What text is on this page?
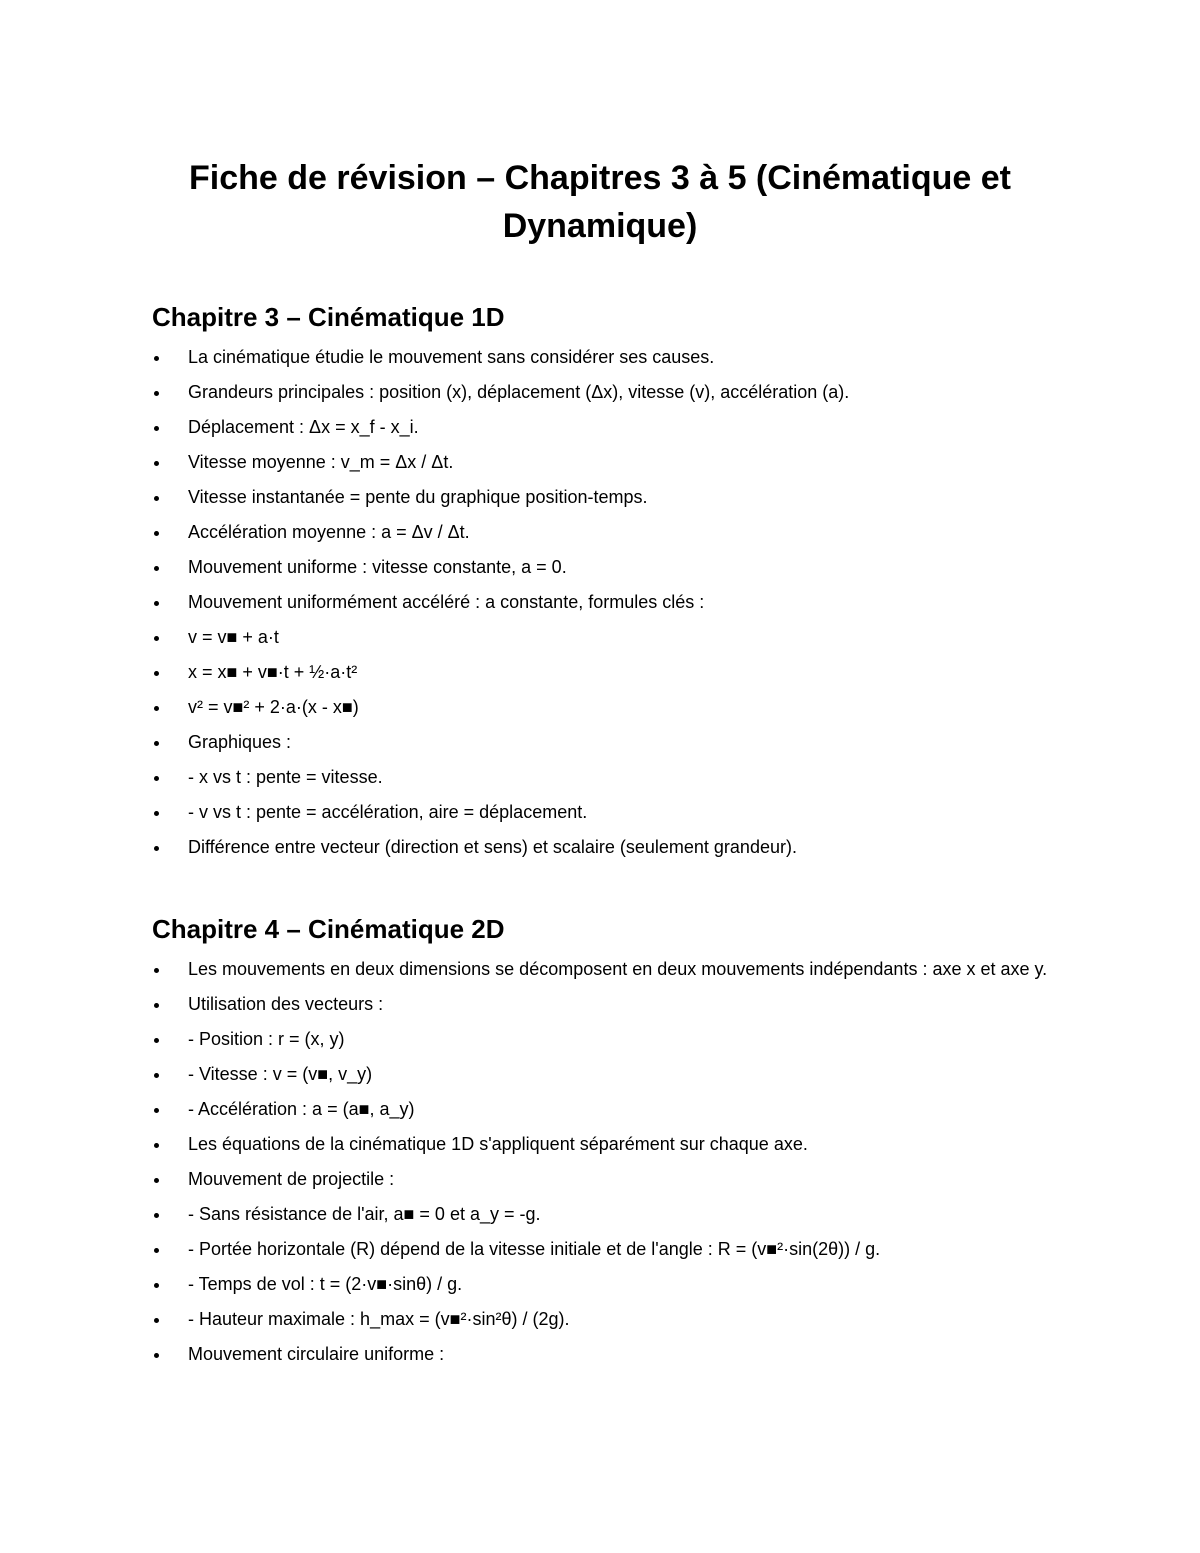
Fiche de révision – Chapitres 3 à 5 (Cinématique et Dynamique)
Chapitre 3 – Cinématique 1D
La cinématique étudie le mouvement sans considérer ses causes.
Grandeurs principales : position (x), déplacement (Δx), vitesse (v), accélération (a).
Déplacement : Δx = x_f - x_i.
Vitesse moyenne : v_m = Δx / Δt.
Vitesse instantanée = pente du graphique position-temps.
Accélération moyenne : a = Δv / Δt.
Mouvement uniforme : vitesse constante, a = 0.
Mouvement uniformément accéléré : a constante, formules clés :
v = v■ + a·t
x = x■ + v■·t + ½·a·t²
v² = v■² + 2·a·(x - x■)
Graphiques :
- x vs t : pente = vitesse.
- v vs t : pente = accélération, aire = déplacement.
Différence entre vecteur (direction et sens) et scalaire (seulement grandeur).
Chapitre 4 – Cinématique 2D
Les mouvements en deux dimensions se décomposent en deux mouvements indépendants : axe x et axe y.
Utilisation des vecteurs :
- Position : r = (x, y)
- Vitesse : v = (v■, v_y)
- Accélération : a = (a■, a_y)
Les équations de la cinématique 1D s'appliquent séparément sur chaque axe.
Mouvement de projectile :
- Sans résistance de l'air, a■ = 0 et a_y = -g.
- Portée horizontale (R) dépend de la vitesse initiale et de l'angle : R = (v■²·sin(2θ)) / g.
- Temps de vol : t = (2·v■·sinθ) / g.
- Hauteur maximale : h_max = (v■²·sin²θ) / (2g).
Mouvement circulaire uniforme :
